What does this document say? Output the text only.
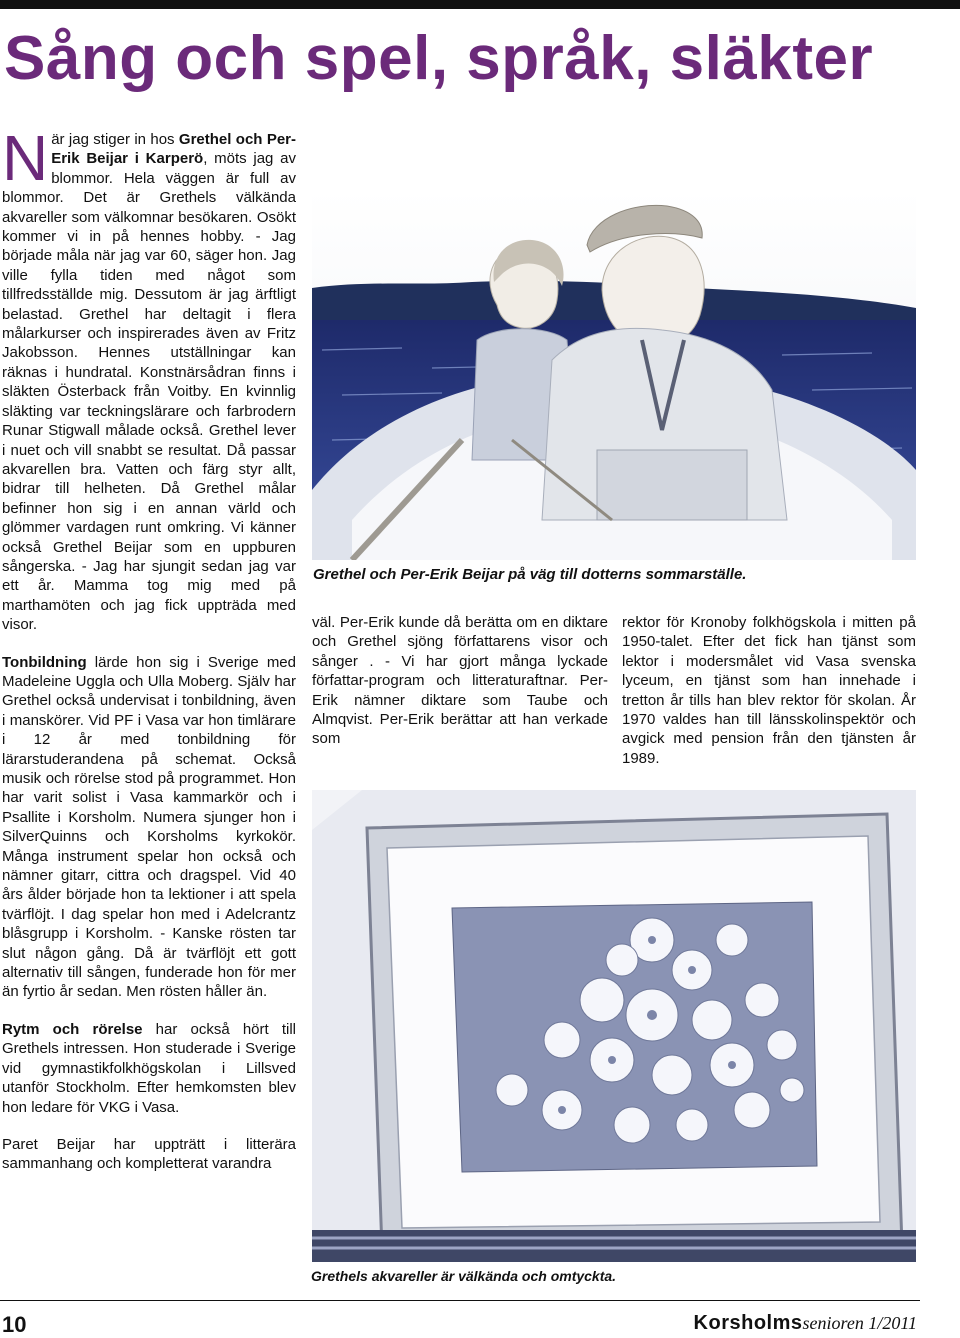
Sång och spel, språk, släkter
N är jag stiger in hos Grethel och Per-Erik Beijar i Karperö, möts jag av blommor. Hela väggen är full av blommor. Det är Grethels välkända akvareller som välkomnar besökaren. Osökt kommer vi in på hennes hobby. - Jag började måla när jag var 60, säger hon. Jag ville fylla tiden med något som tillfredsställde mig. Dessutom är jag ärftligt belastad. Grethel har deltagit i flera målarkurser och inspirerades även av Fritz Jakobsson. Hennes utställningar kan räknas i hundratal. Konstnärsådran finns i släkten Österback från Voitby. En kvinnlig släkting var teckningslärare och farbrodern Runar Stigwall målade också. Grethel lever i nuet och vill snabbt se resultat. Då passar akvarellen bra. Vatten och färg styr allt, bidrar till helheten. Då Grethel målar befinner hon sig i en annan värld och glömmer vardagen runt omkring. Vi känner också Grethel Beijar som en uppburen sångerska. - Jag har sjungit sedan jag var ett år. Mamma tog mig med på marthamöten och jag fick uppträda med visor.

Tonbildning lärde hon sig i Sverige med Madeleine Uggla och Ulla Moberg. Själv har Grethel också undervisat i tonbildning, även i manskörer. Vid PF i Vasa var hon timlärare i 12 år med tonbildning för lärarstuderandena på schemat. Också musik och rörelse stod på programmet. Hon har varit solist i Vasa kammarkör och i Psallite i Korsholm. Numera sjunger hon i SilverQuinns och Korsholms kyrkokör. Många instrument spelar hon också och nämner gitarr, cittra och dragspel. Vid 40 års ålder började hon ta lektioner i att spela tvärflöjt. I dag spelar hon med i Adelcrantz blåsgrupp i Korsholm. - Kanske rösten tar slut någon gång. Då är tvärflöjt ett gott alternativ till sången, funderade hon för mer än fyrtio år sedan. Men rösten håller än.

Rytm och rörelse har också hört till Grethels intressen. Hon studerade i Sverige vid gymnastikfolkhögskolan i Lillsved utanför Stockholm. Efter hemkomsten blev hon ledare för VKG i Vasa.

Paret Beijar har uppträtt i litterära sammanhang och kompletterat varandra

Grethel och Per-Erik Beijar på väg till dotterns sommarställe.

väl. Per-Erik kunde då berätta om en diktare och Grethel sjöng författarens visor och sånger . - Vi har gjort många lyckade författar-program och litteraturaftnar. Per-Erik nämner diktare som Taube och Almqvist. Per-Erik berättar att han verkade som

rektor för Kronoby folkhögskola i mitten på 1950-talet. Efter det fick han tjänst som lektor i modersmålet vid Vasa svenska lyceum, en tjänst som han innehade i tretton år tills han blev rektor för skolan. År 1970 valdes han till länsskolinspektör och avgick med pension från den tjänsten år 1989.

Grethels akvareller är välkända och omtyckta.
10	Korsholmssenioren 1/2011
